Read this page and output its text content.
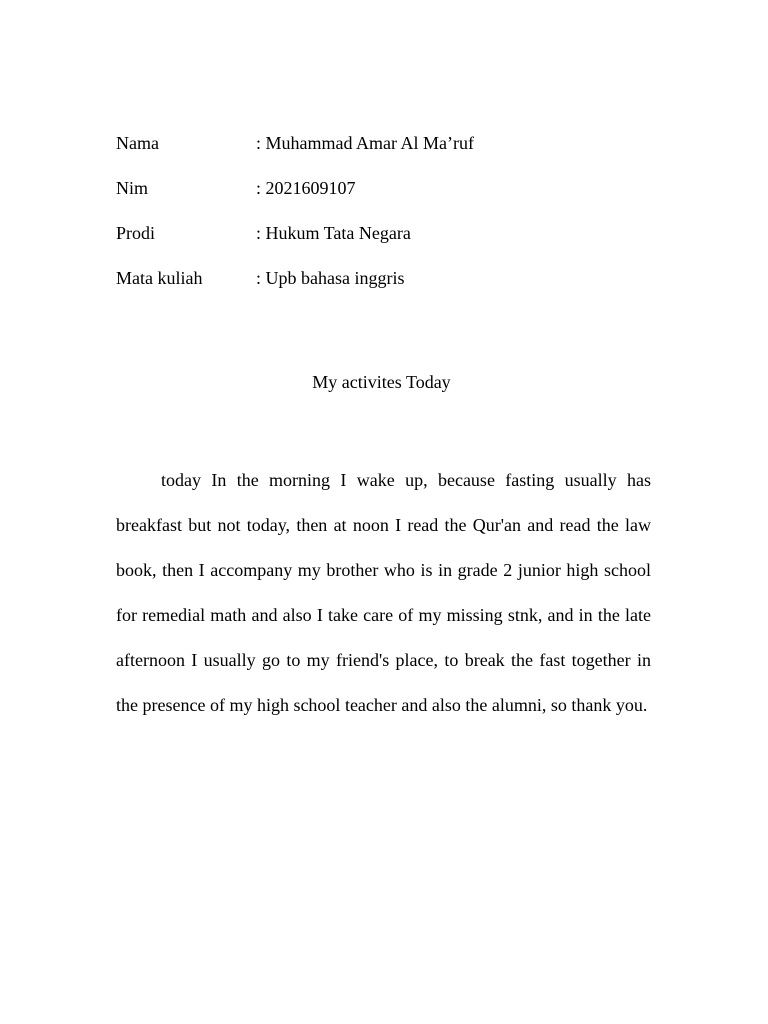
Nama	: Muhammad Amar Al Ma’ruf
Nim	: 2021609107
Prodi	: Hukum Tata Negara
Mata kuliah	: Upb bahasa inggris
My activites Today

today In the morning I wake up, because fasting usually has breakfast but not today, then at noon I read the Qur'an and read the law book, then I accompany my brother who is in grade 2 junior high school for remedial math and also I take care of my missing stnk, and in the late afternoon I usually go to my friend's place, to break the fast together in the presence of my high school teacher and also the alumni, so thank you.
